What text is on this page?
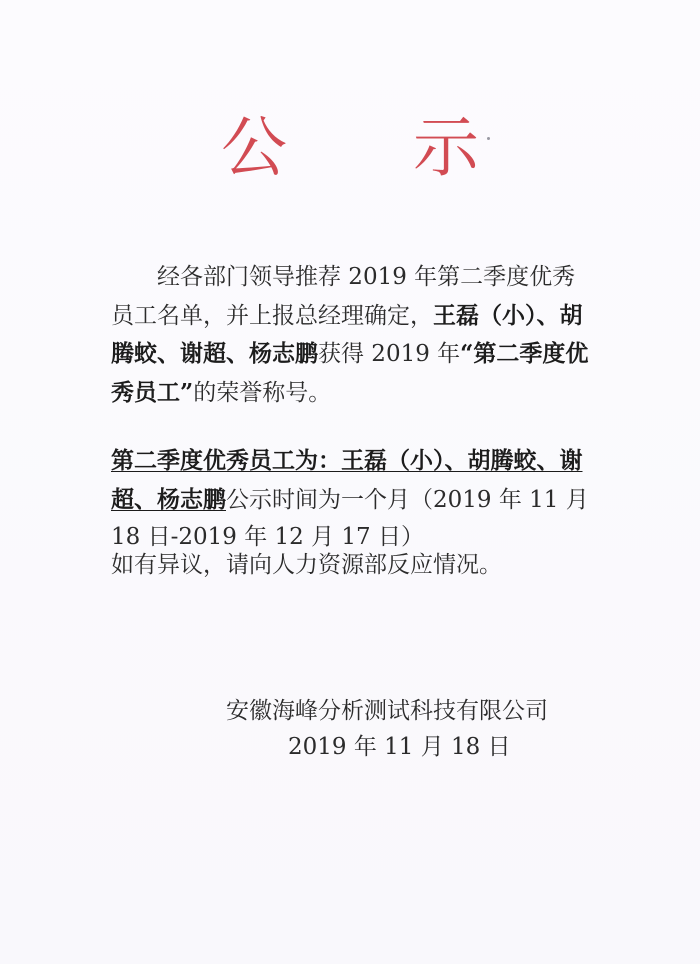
公 示

经各部门领导推荐 2019 年第二季度优秀员工名单，并上报总经理确定，王磊（小）、胡腾蛟、谢超、杨志鹏获得 2019 年“第二季度优秀员工”的荣誉称号。

第二季度优秀员工为：王磊（小）、胡腾蛟、谢超、杨志鹏公示时间为一个月（2019 年 11 月 18 日-2019 年 12 月 17 日）

如有异议，请向人力资源部反应情况。

安徽海峰分析测试科技有限公司
2019 年 11 月 18 日
